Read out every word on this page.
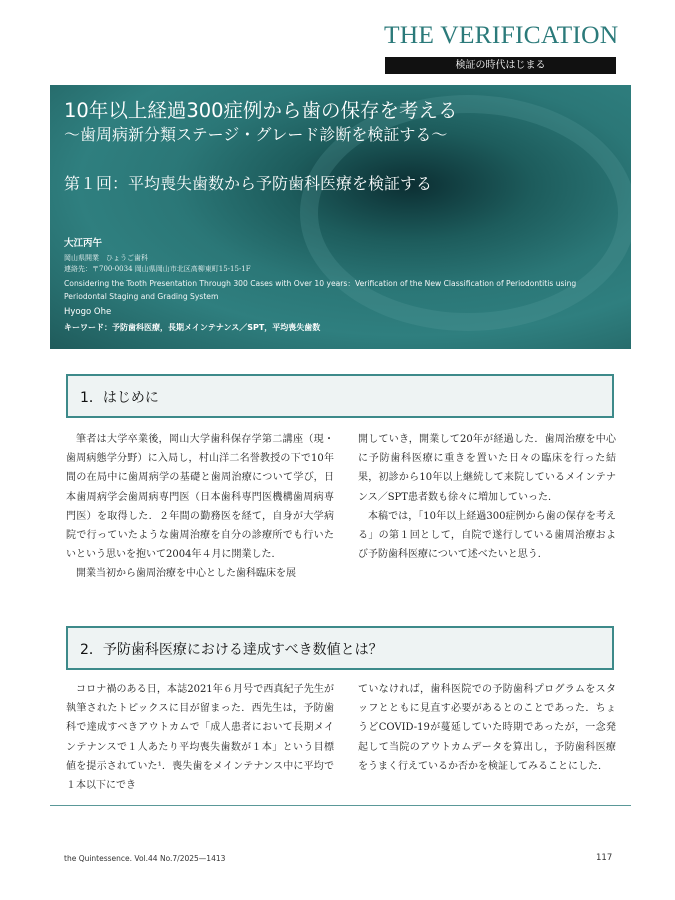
THE VERIFICATION
検証の時代はじまる
10年以上経過300症例から歯の保存を考える
～歯周病新分類ステージ・グレード診断を検証する～
第１回：平均喪失歯数から予防歯科医療を検証する
大江丙午
岡山県開業　ひょうご歯科
連絡先：〒700-0034 岡山県岡山市北区高柳東町15-15-1F
Considering the Tooth Presentation Through 300 Cases with Over 10 years：Verification of the New Classification of Periodontitis using Periodontal Staging and Grading System
Hyogo Ohe
キーワード：予防歯科医療，長期メインテナンス／SPT，平均喪失歯数
1．はじめに

筆者は大学卒業後，岡山大学歯科保存学第二講座（現・歯周病態学分野）に入局し，村山洋二名誉教授の下で10年間の在局中に歯周病学の基礎と歯周治療について学び，日本歯周病学会歯周病専門医（日本歯科専門医機構歯周病専門医）を取得した．２年間の勤務医を経て，自身が大学病院で行っていたような歯周治療を自分の診療所でも行いたいという思いを抱いて2004年４月に開業した．

開業当初から歯周治療を中心とした歯科臨床を展

開していき，開業して20年が経過した．歯周治療を中心に予防歯科医療に重きを置いた日々の臨床を行った結果，初診から10年以上継続して来院しているメインテナンス／SPT患者数も徐々に増加していった．

本稿では，「10年以上経過300症例から歯の保存を考える」の第１回として，自院で遂行している歯周治療および予防歯科医療について述べたいと思う．

2．予防歯科医療における達成すべき数値とは？

コロナ禍のある日，本誌2021年６月号で西真紀子先生が執筆されたトピックスに目が留まった．西先生は，予防歯科で達成すべきアウトカムで「成人患者において長期メインテナンスで１人あたり平均喪失歯数が１本」という目標値を提示されていた¹．喪失歯をメインテナンス中に平均で１本以下にでき

ていなければ，歯科医院での予防歯科プログラムをスタッフとともに見直す必要があるとのことであった．ちょうどCOVID-19が蔓延していた時期であったが，一念発起して当院のアウトカムデータを算出し，予防歯科医療をうまく行えているか否かを検証してみることにした．

the Quintessence. Vol.44 No.7/2025—1413	117
